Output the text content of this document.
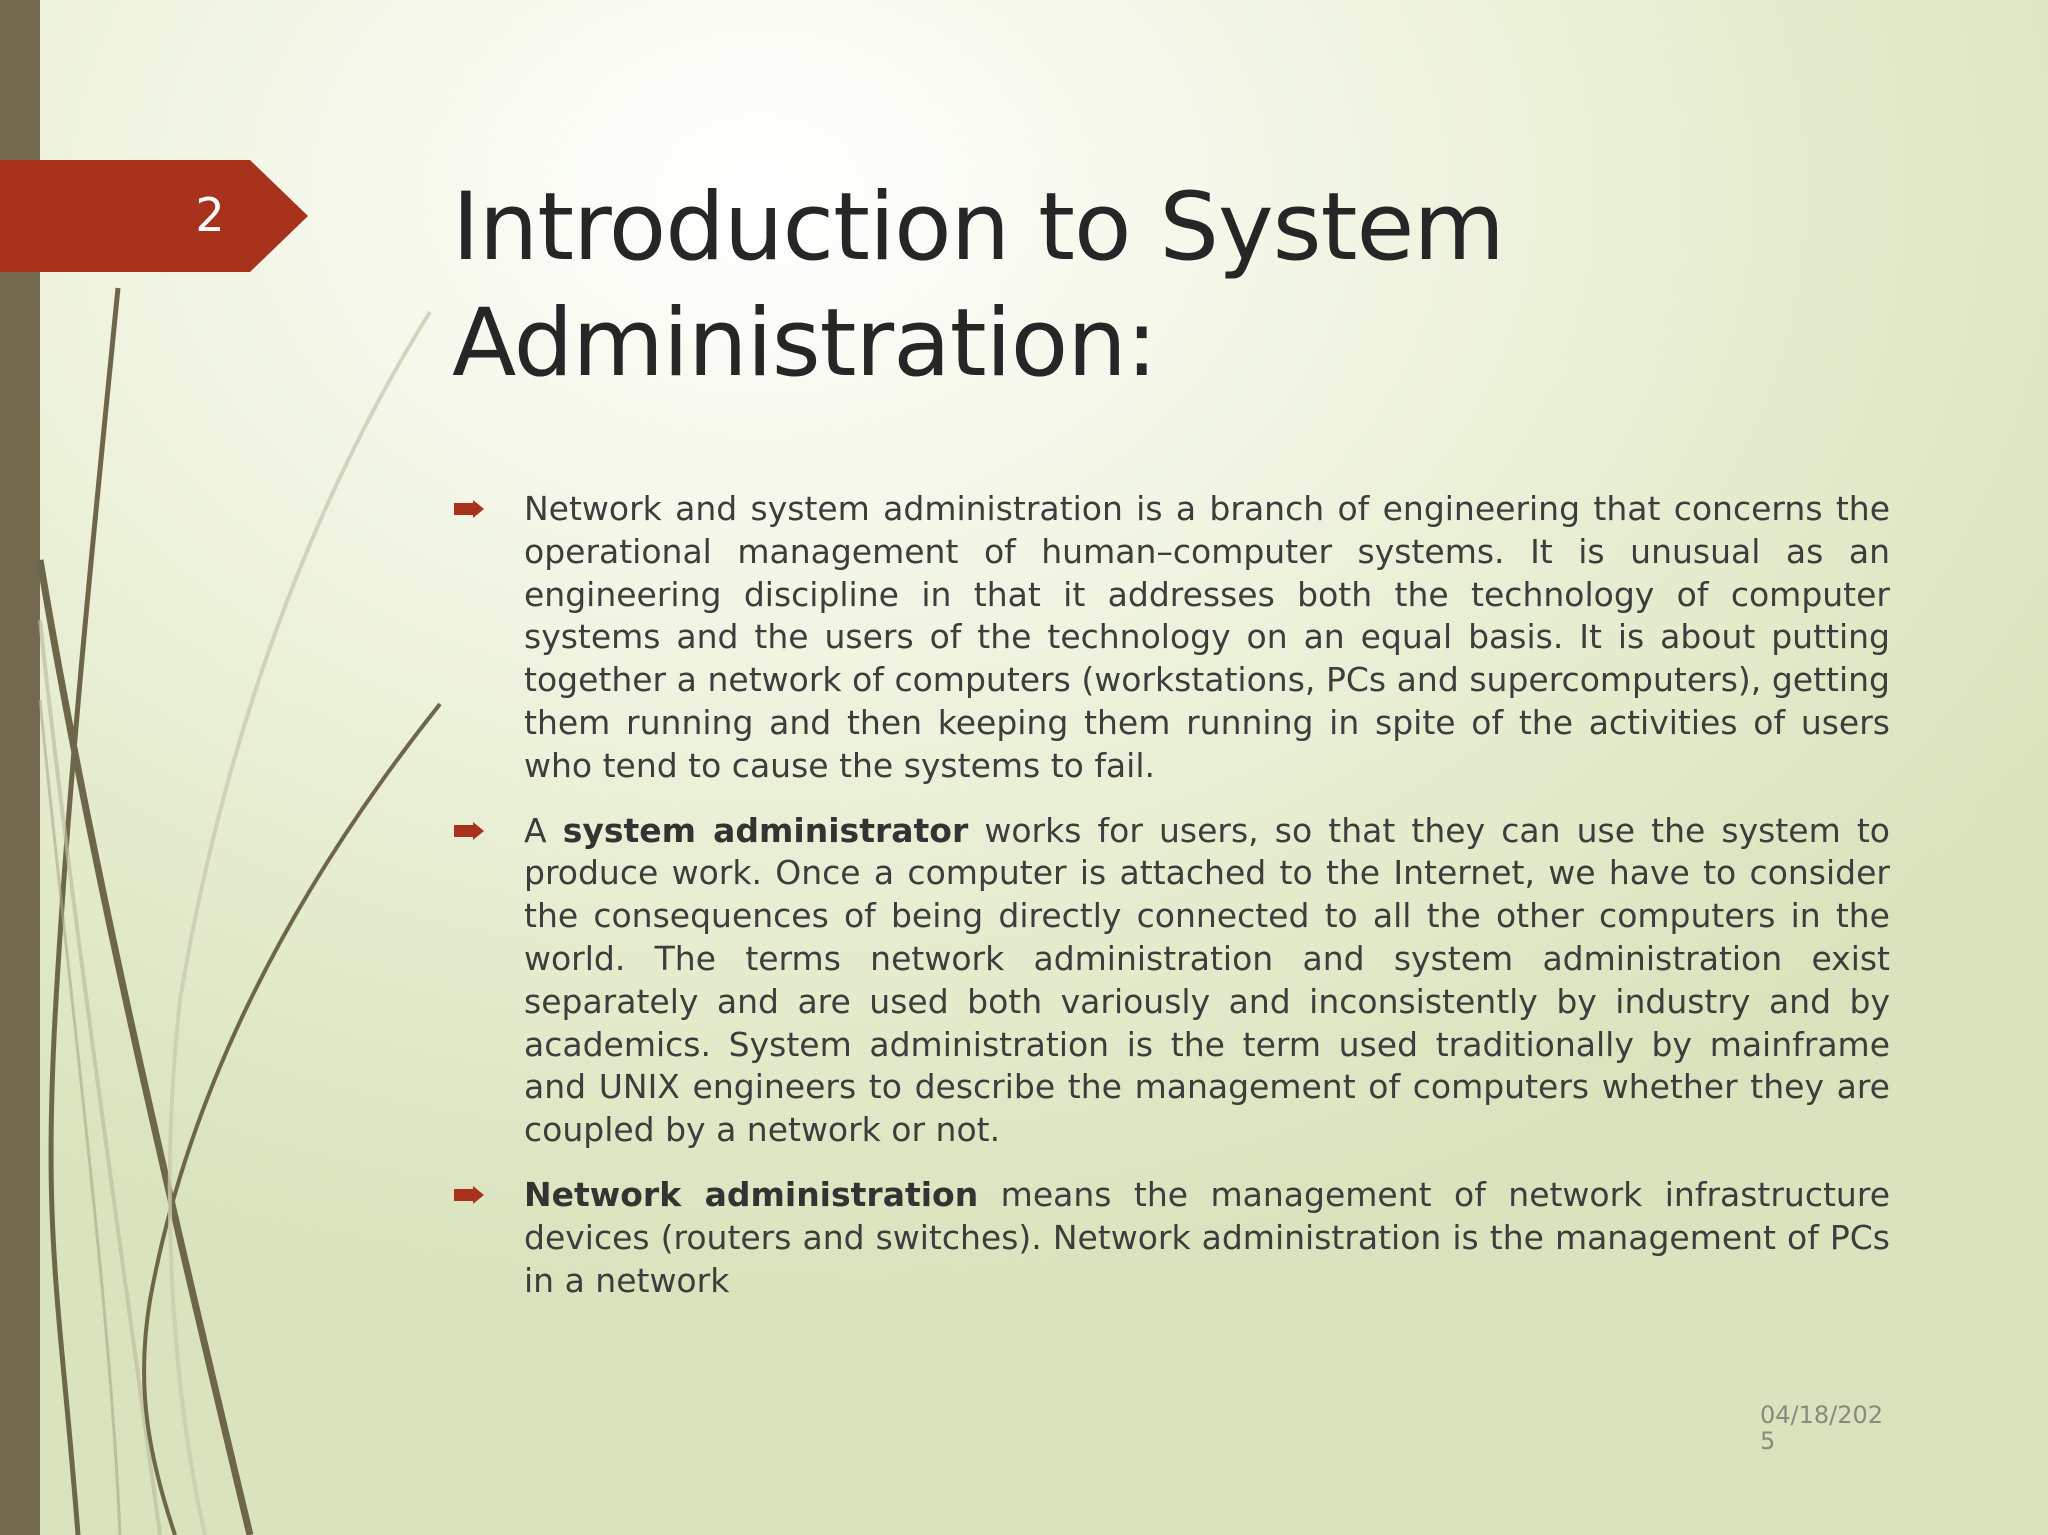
2 Introduction to System
Administration:
Network and system administration is a branch of engineering that concerns the operational management of human–computer systems. It is unusual as an engineering discipline in that it addresses both the technology of computer systems and the users of the technology on an equal basis. It is about putting together a network of computers (workstations, PCs and supercomputers), getting them running and then keeping them running in spite of the activities of users who tend to cause the systems to fail.
A system administrator works for users, so that they can use the system to produce work. Once a computer is attached to the Internet, we have to consider the consequences of being directly connected to all the other computers in the world. The terms network administration and system administration exist separately and are used both variously and inconsistently by industry and by academics. System administration is the term used traditionally by mainframe and UNIX engineers to describe the management of computers whether they are coupled by a network or not.
Network administration means the management of network infrastructure devices (routers and switches). Network administration is the management of PCs in a network
04/18/2025
